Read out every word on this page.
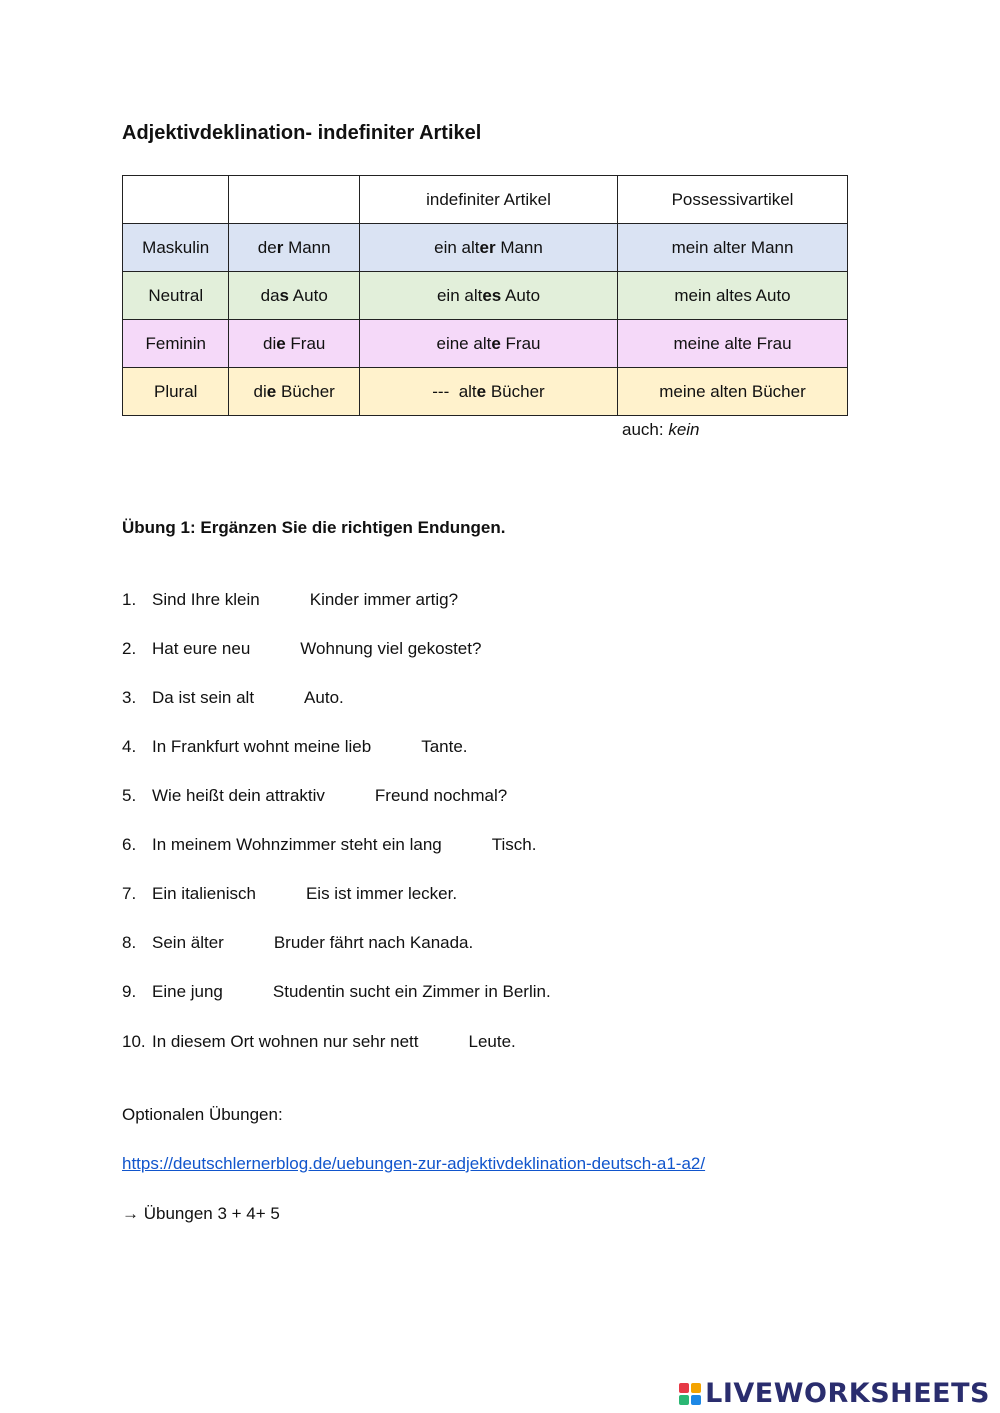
Adjektivdeklination- indefiniter Artikel
		indefiniter Artikel	Possessivartikel
Maskulin	der Mann	ein alter Mann	mein alter Mann
Neutral	das Auto	ein altes Auto	mein altes Auto
Feminin	die Frau	eine alte Frau	meine alte Frau
Plural	die Bücher	---  alte Bücher	meine alten Bücher
auch: kein
Übung 1: Ergänzen Sie die richtigen Endungen.
1. Sind Ihre klein	Kinder immer artig?
2. Hat eure neu	Wohnung viel gekostet?
3. Da ist sein alt	Auto.
4. In Frankfurt wohnt meine lieb	Tante.
5. Wie heißt dein attraktiv	Freund nochmal?
6. In meinem Wohnzimmer steht ein lang	Tisch.
7. Ein italienisch	Eis ist immer lecker.
8. Sein älter	Bruder fährt nach Kanada.
9. Eine jung	Studentin sucht ein Zimmer in Berlin.
10. In diesem Ort wohnen nur sehr nett	Leute.
Optionalen Übungen:
https://deutschlernerblog.de/uebungen-zur-adjektivdeklination-deutsch-a1-a2/
→ Übungen 3 + 4+ 5
LIVEWORKSHEETS
